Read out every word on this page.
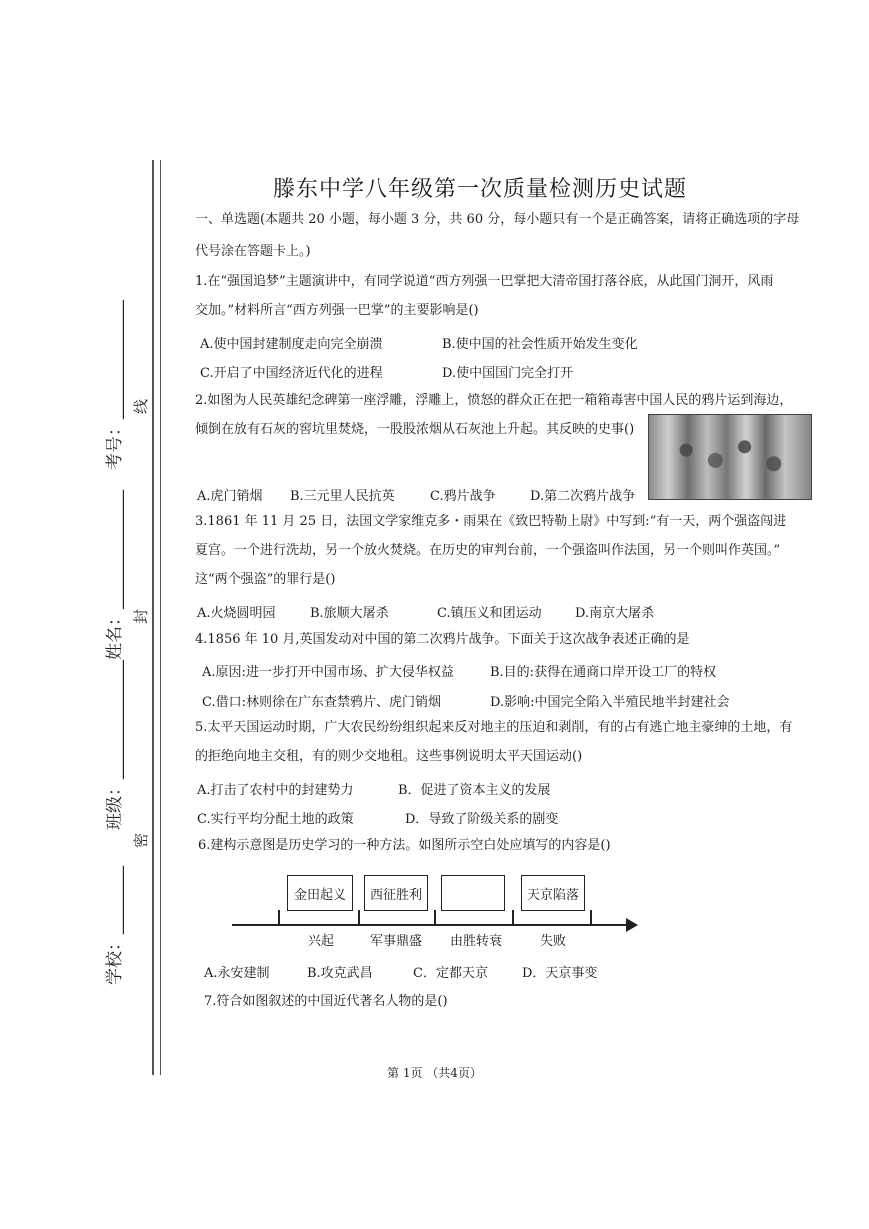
考号：______________
姓名：______________
班级：______________
学校：________
线
封
密
滕东中学八年级第一次质量检测历史试题
一、单选题(本题共 20 小题，每小题 3 分，共 60 分，每小题只有一个是正确答案，请将正确选项的字母
代号涂在答题卡上。)
1.在“强国追梦”主题演讲中，有同学说道“西方列强一巴掌把大清帝国打落谷底，从此国门洞开，风雨
交加。”材料所言“西方列强一巴掌”的主要影响是()
A.使中国封建制度走向完全崩溃	B.使中国的社会性质开始发生变化
C.开启了中国经济近代化的进程	D.使中国国门完全打开
2.如图为人民英雄纪念碑第一座浮雕，浮雕上，愤怒的群众正在把一箱箱毒害中国人民的鸦片运到海边，
倾倒在放有石灰的窖坑里焚烧，一股股浓烟从石灰池上升起。其反映的史事()
A.虎门销烟 B.三元里人民抗英	C.鸦片战争	D.第二次鸦片战争
3.1861 年 11 月 25 日，法国文学家维克多・雨果在《致巴特勒上尉》中写到:“有一天，两个强盗闯进
夏宫。一个进行洗劫，另一个放火焚烧。在历史的审判台前，一个强盗叫作法国，另一个则叫作英国。”
这“两个强盗”的罪行是()
A.火烧圆明园	B.旅顺大屠杀	C.镇压义和团运动	D.南京大屠杀
4.1856 年 10 月,英国发动对中国的第二次鸦片战争。下面关于这次战争表述正确的是
A.原因:进一步打开中国市场、扩大侵华权益	B.目的:获得在通商口岸开设工厂的特权
C.借口:林则徐在广东查禁鸦片、虎门销烟	D.影响:中国完全陷入半殖民地半封建社会
5.太平天国运动时期，广大农民纷纷组织起来反对地主的压迫和剥削，有的占有逃亡地主豪绅的土地，有
的拒绝向地主交租，有的则少交地租。这些事例说明太平天国运动()
A.打击了农村中的封建势力	B．促进了资本主义的发展
C.实行平均分配土地的政策	D．导致了阶级关系的剧变
6.建构示意图是历史学习的一种方法。如图所示空白处应填写的内容是()
金田起义	西征胜利	天京陷落
兴起	军事鼎盛 由胜转衰	失败
A.永安建制	B.攻克武昌	C．定都天京	D．天京事变
7.符合如图叙述的中国近代著名人物的是()
第 1页 （共4页）
